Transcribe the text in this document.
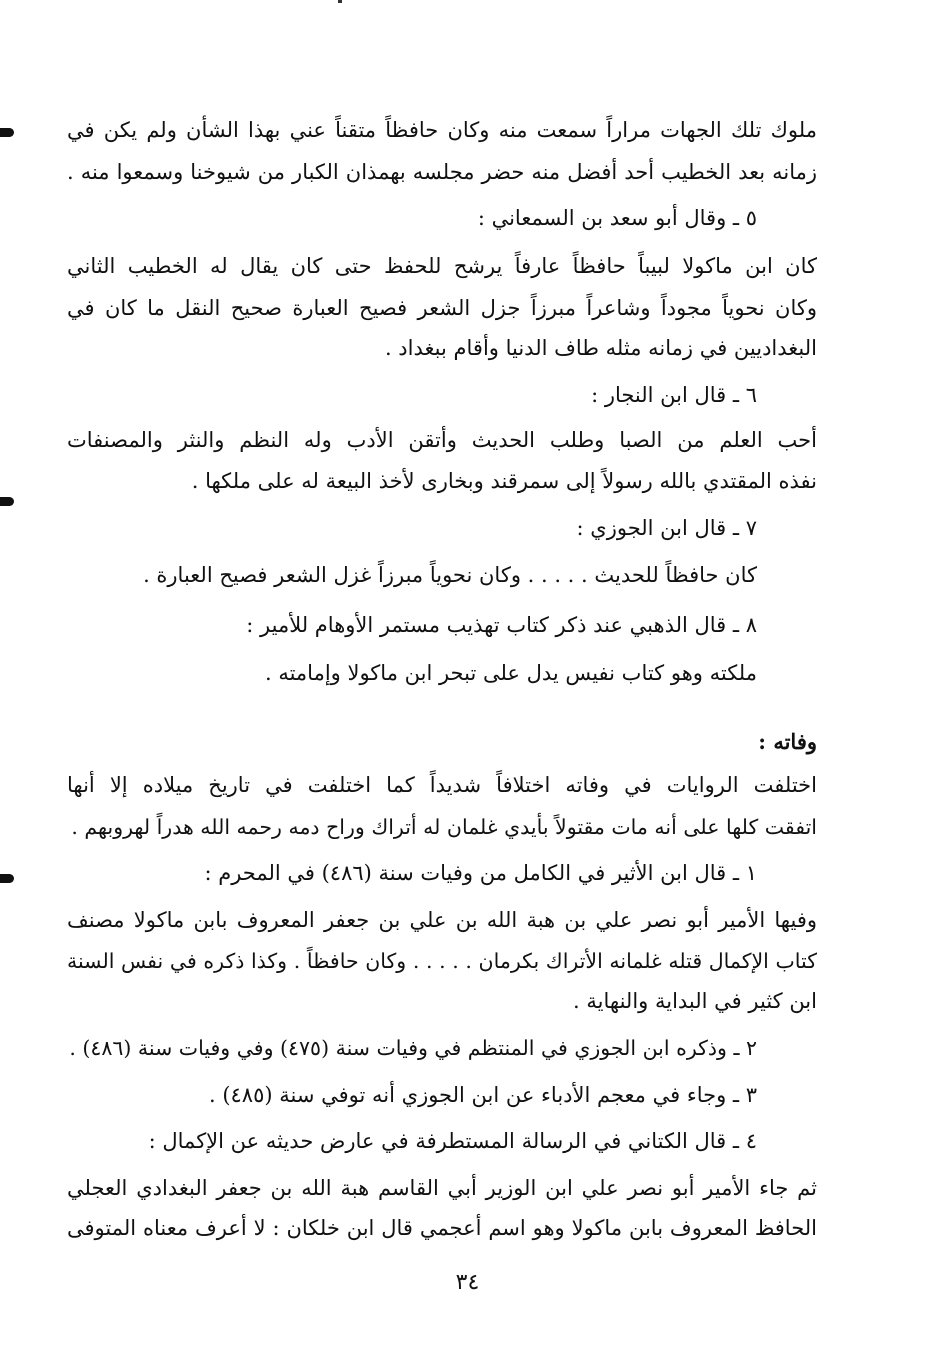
ملوك تلك الجهات مراراً سمعت منه وكان حافظاً متقناً عني بهذا الشأن ولم يكن في
زمانه بعد الخطيب أحد أفضل منه حضر مجلسه بهمذان الكبار من شيوخنا وسمعوا منه .
٥ ـ وقال أبو سعد بن السمعاني :
كان ابن ماكولا لبيباً حافظاً عارفاً يرشح للحفظ حتى كان يقال له الخطيب الثاني
وكان نحوياً مجوداً وشاعراً مبرزاً جزل الشعر فصيح العبارة صحيح النقل ما كان في
البغداديين في زمانه مثله طاف الدنيا وأقام ببغداد .
٦ ـ قال ابن النجار :
أحب العلم من الصبا وطلب الحديث وأتقن الأدب وله النظم والنثر والمصنفات
نفذه المقتدي بالله رسولاً إلى سمرقند وبخارى لأخذ البيعة له على ملكها .
٧ ـ قال ابن الجوزي :
كان حافظاً للحديث . . . . . وكان نحوياً مبرزاً غزل الشعر فصيح العبارة .
٨ ـ قال الذهبي عند ذكر كتاب تهذيب مستمر الأوهام للأمير :
ملكته وهو كتاب نفيس يدل على تبحر ابن ماكولا وإمامته .
وفاته :
اختلفت الروايات في وفاته اختلافاً شديداً كما اختلفت في تاريخ ميلاده إلا أنها
اتفقت كلها على أنه مات مقتولاً بأيدي غلمان له أتراك وراح دمه رحمه الله هدراً لهروبهم .
١ ـ قال ابن الأثير في الكامل من وفيات سنة (٤٨٦) في المحرم :
وفيها الأمير أبو نصر علي بن هبة الله بن علي بن جعفر المعروف بابن ماكولا مصنف
كتاب الإكمال قتله غلمانه الأتراك بكرمان . . . . . وكان حافظاً . وكذا ذكره في نفس السنة
ابن كثير في البداية والنهاية .
٢ ـ وذكره ابن الجوزي في المنتظم في وفيات سنة (٤٧٥) وفي وفيات سنة (٤٨٦) .
٣ ـ وجاء في معجم الأدباء عن ابن الجوزي أنه توفي سنة (٤٨٥) .
٤ ـ قال الكتاني في الرسالة المستطرفة في عارض حديثه عن الإكمال :
ثم جاء الأمير أبو نصر علي ابن الوزير أبي القاسم هبة الله بن جعفر البغدادي العجلي
الحافظ المعروف بابن ماكولا وهو اسم أعجمي قال ابن خلكان : لا أعرف معناه المتوفى
٣٤
